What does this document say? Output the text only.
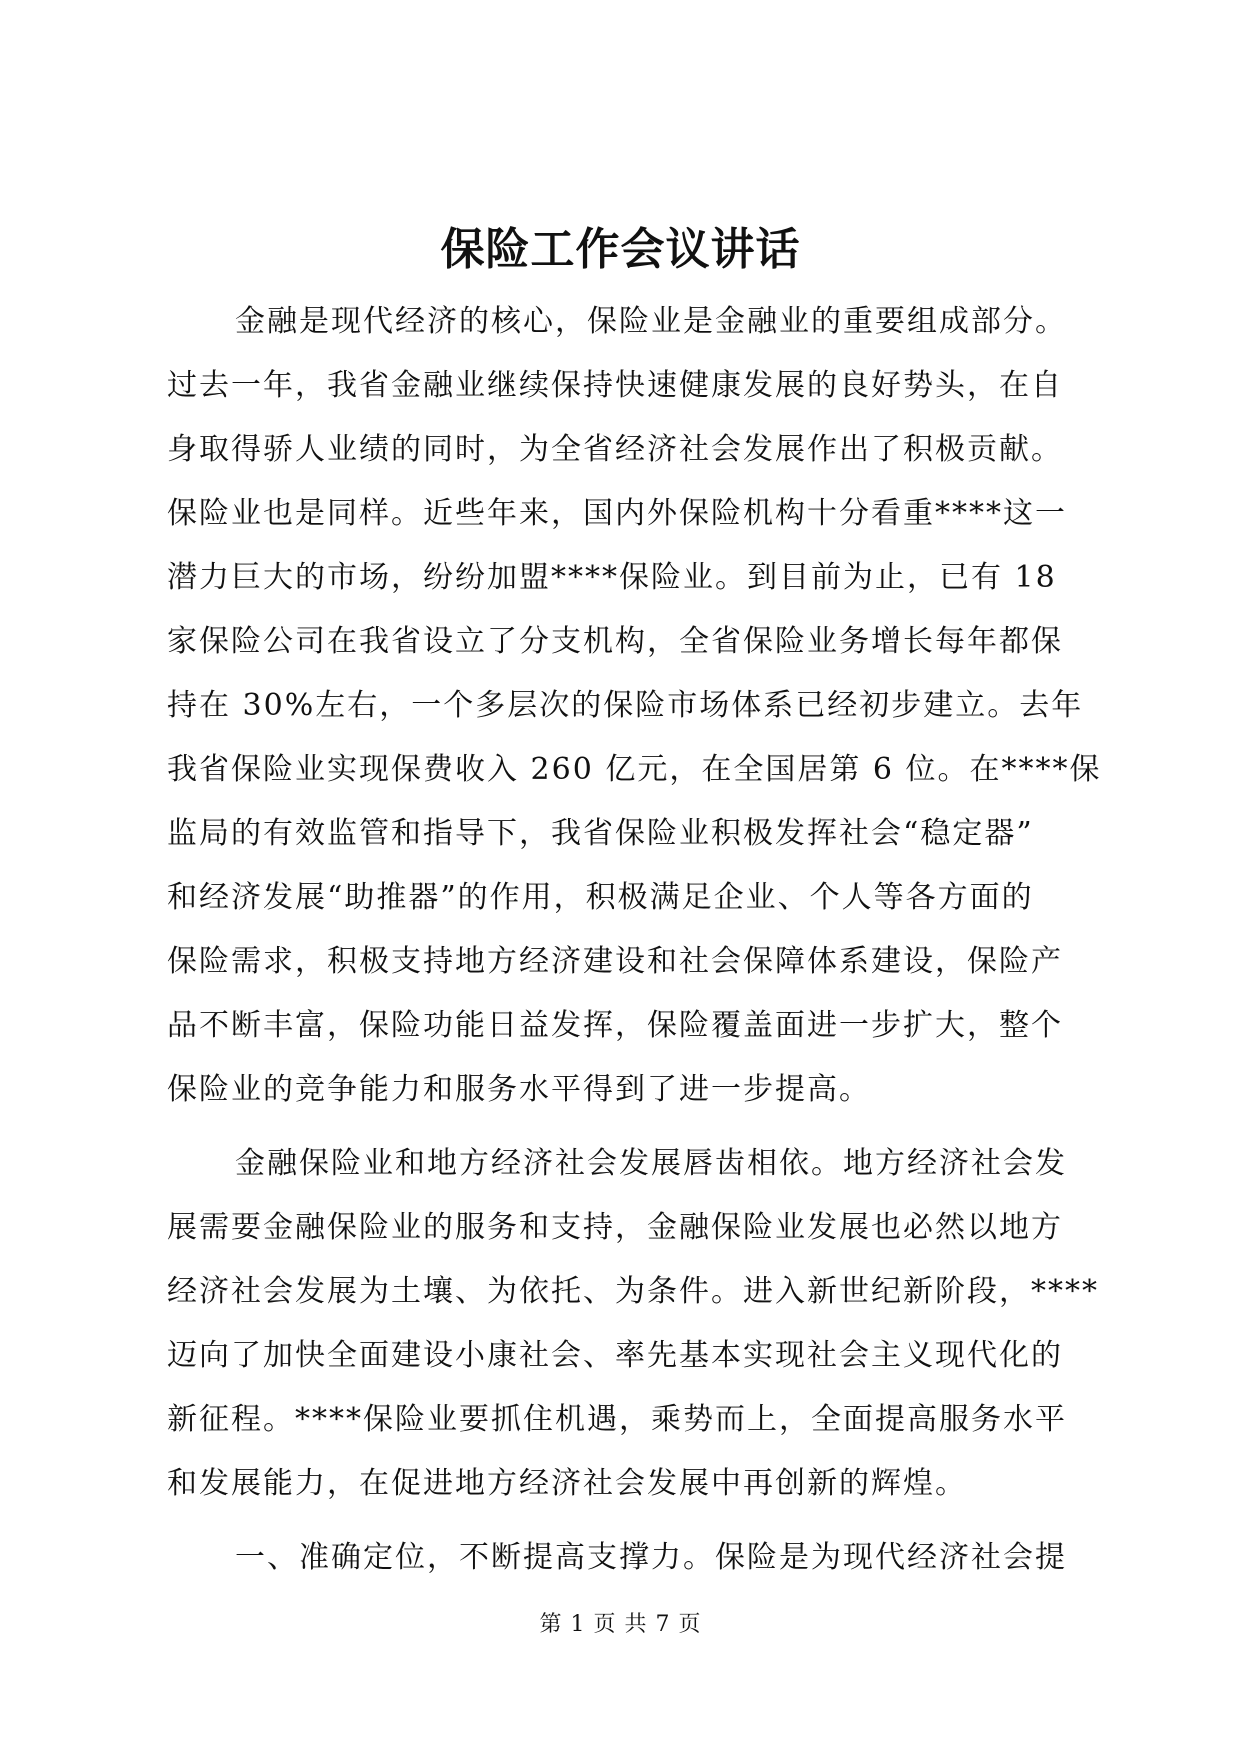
保险工作会议讲话
金融是现代经济的核心，保险业是金融业的重要组成部分。
过去一年，我省金融业继续保持快速健康发展的良好势头，在自
身取得骄人业绩的同时，为全省经济社会发展作出了积极贡献。
保险业也是同样。近些年来，国内外保险机构十分看重****这一
潜力巨大的市场，纷纷加盟****保险业。到目前为止，已有 18
家保险公司在我省设立了分支机构，全省保险业务增长每年都保
持在 30%左右，一个多层次的保险市场体系已经初步建立。去年
我省保险业实现保费收入 260 亿元，在全国居第 6 位。在****保
监局的有效监管和指导下，我省保险业积极发挥社会“稳定器”
和经济发展“助推器”的作用，积极满足企业、个人等各方面的
保险需求，积极支持地方经济建设和社会保障体系建设，保险产
品不断丰富，保险功能日益发挥，保险覆盖面进一步扩大，整个
保险业的竞争能力和服务水平得到了进一步提高。
金融保险业和地方经济社会发展唇齿相依。地方经济社会发
展需要金融保险业的服务和支持，金融保险业发展也必然以地方
经济社会发展为土壤、为依托、为条件。进入新世纪新阶段，****
迈向了加快全面建设小康社会、率先基本实现社会主义现代化的
新征程。****保险业要抓住机遇，乘势而上，全面提高服务水平
和发展能力，在促进地方经济社会发展中再创新的辉煌。
一、准确定位，不断提高支撑力。保险是为现代经济社会提
第 1 页 共 7 页
